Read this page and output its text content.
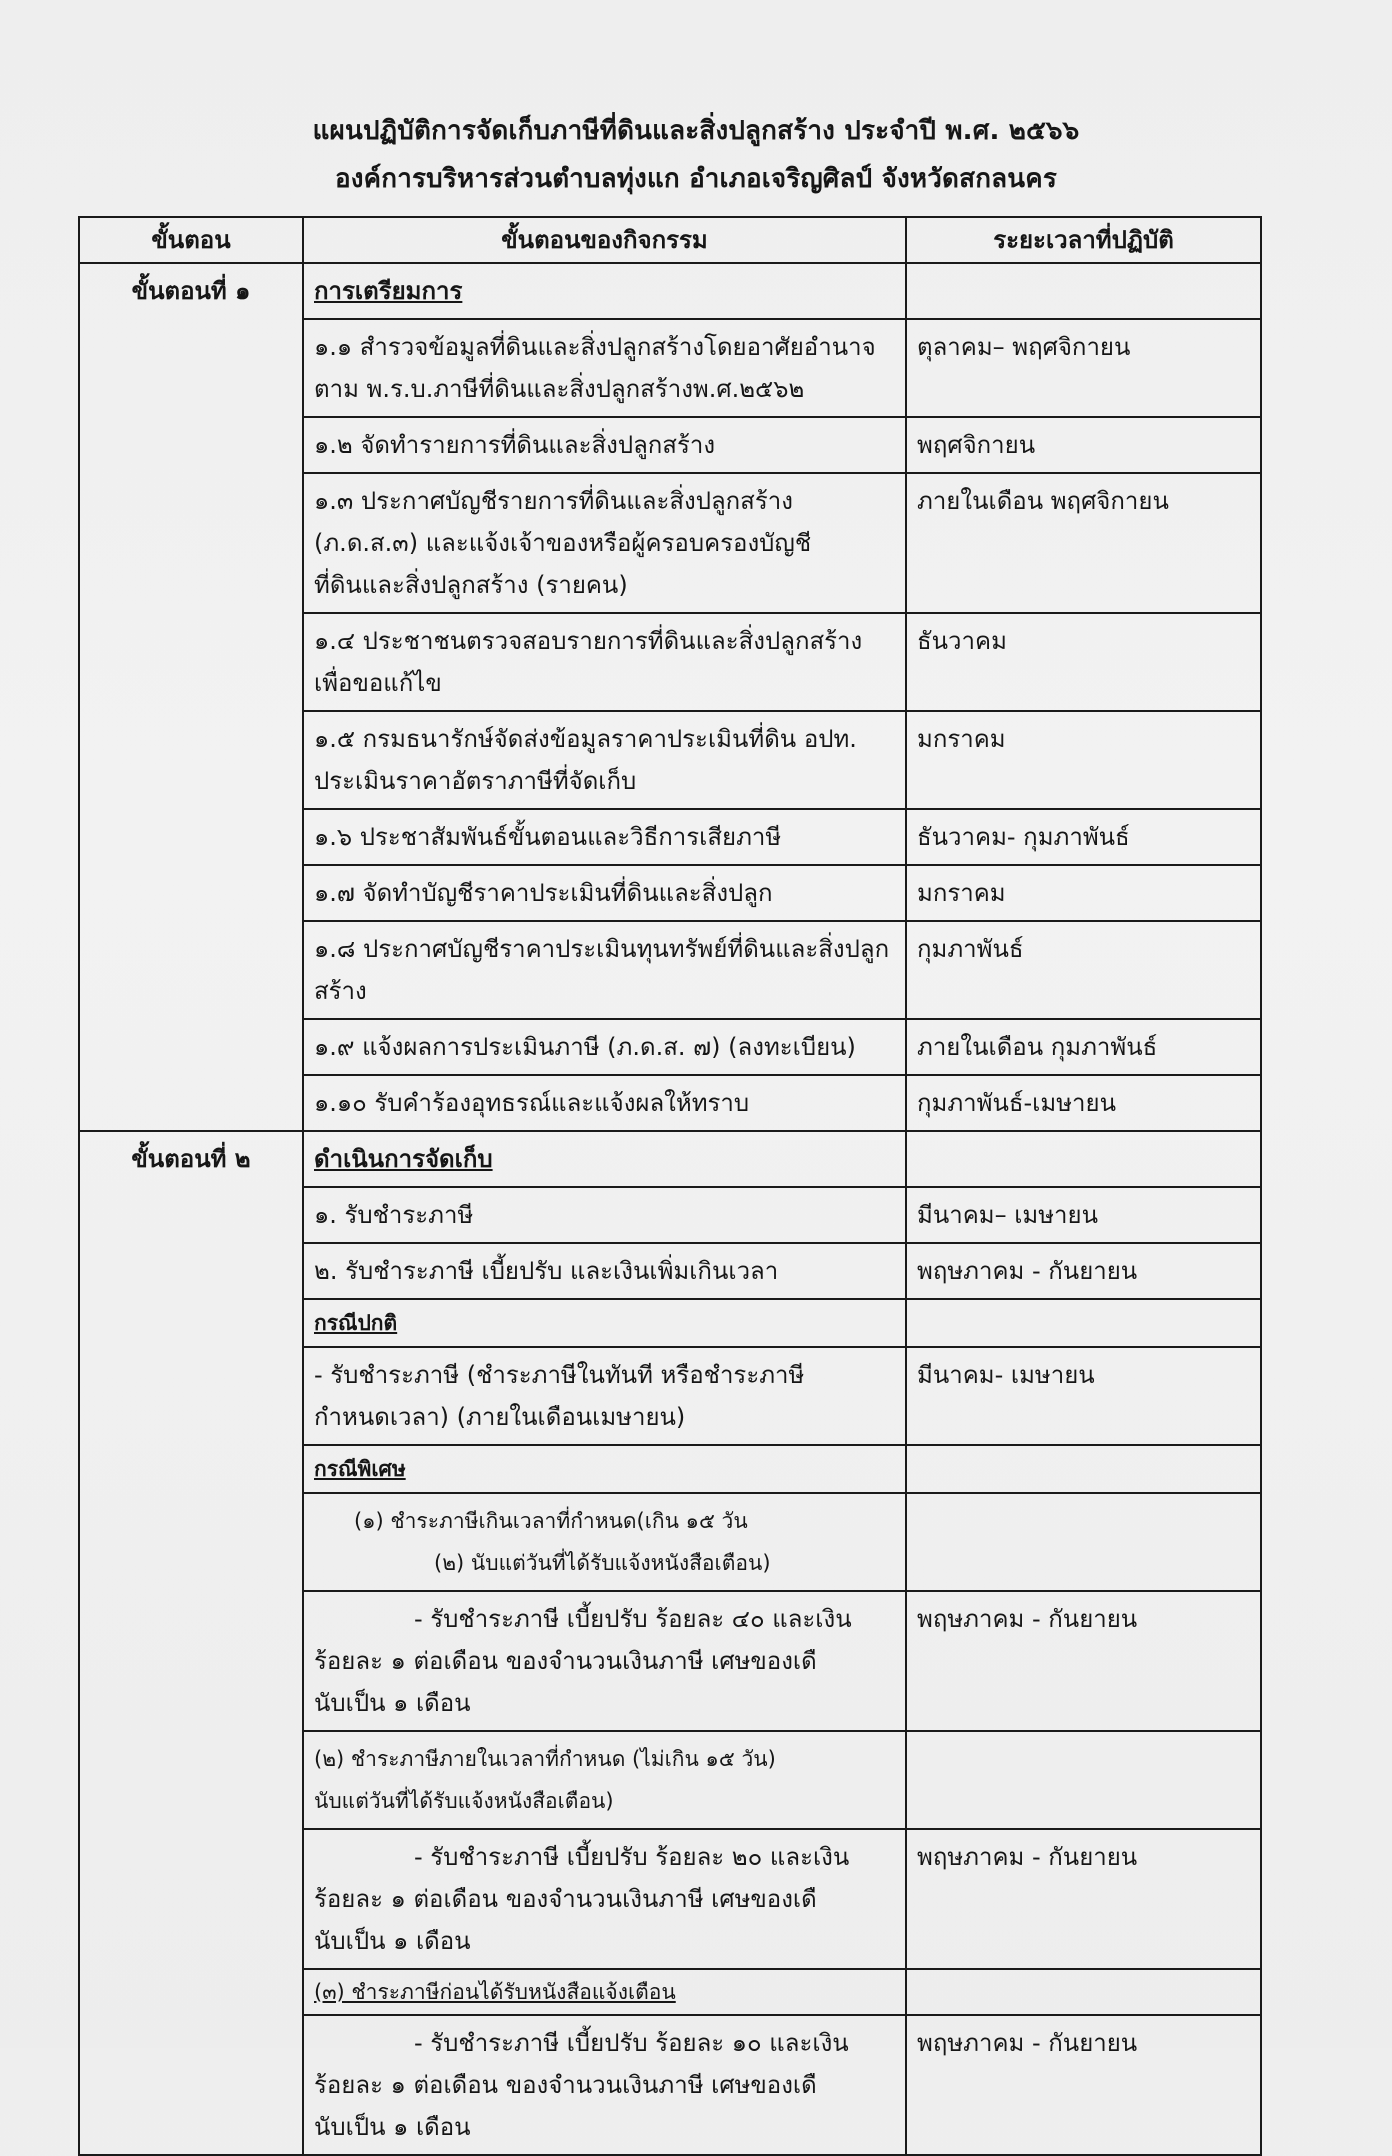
แผนปฏิบัติการจัดเก็บภาษีที่ดินและสิ่งปลูกสร้าง ประจำปี พ.ศ. ๒๕๖๖
องค์การบริหารส่วนตำบลทุ่งแก อำเภอเจริญศิลป์ จังหวัดสกลนคร
ขั้นตอน	ขั้นตอนของกิจกรรม	ระยะเวลาที่ปฏิบัติ
ขั้นตอนที่ ๑	การเตรียมการ	
	๑.๑ สำรวจข้อมูลที่ดินและสิ่งปลูกสร้างโดยอาศัยอำนาจ
ตาม พ.ร.บ.ภาษีที่ดินและสิ่งปลูกสร้างพ.ศ.๒๕๖๒	ตุลาคม– พฤศจิกายน
	๑.๒ จัดทำรายการที่ดินและสิ่งปลูกสร้าง	พฤศจิกายน
	๑.๓ ประกาศบัญชีรายการที่ดินและสิ่งปลูกสร้าง
(ภ.ด.ส.๓) และแจ้งเจ้าของหรือผู้ครอบครองบัญชี
ที่ดินและสิ่งปลูกสร้าง (รายคน)	ภายในเดือน พฤศจิกายน
	๑.๔ ประชาชนตรวจสอบรายการที่ดินและสิ่งปลูกสร้าง
เพื่อขอแก้ไข	ธันวาคม
	๑.๕ กรมธนารักษ์จัดส่งข้อมูลราคาประเมินที่ดิน อปท.
ประเมินราคาอัตราภาษีที่จัดเก็บ	มกราคม
	๑.๖ ประชาสัมพันธ์ขั้นตอนและวิธีการเสียภาษี	ธันวาคม- กุมภาพันธ์
	๑.๗ จัดทำบัญชีราคาประเมินที่ดินและสิ่งปลูก	มกราคม
	๑.๘ ประกาศบัญชีราคาประเมินทุนทรัพย์ที่ดินและสิ่งปลูก
สร้าง	กุมภาพันธ์
	๑.๙ แจ้งผลการประเมินภาษี (ภ.ด.ส. ๗) (ลงทะเบียน)	ภายในเดือน กุมภาพันธ์
	๑.๑๐ รับคำร้องอุทธรณ์และแจ้งผลให้ทราบ	กุมภาพันธ์-เมษายน
ขั้นตอนที่ ๒	ดำเนินการจัดเก็บ	
	๑. รับชำระภาษี	มีนาคม– เมษายน
	๒. รับชำระภาษี เบี้ยปรับ และเงินเพิ่มเกินเวลา	พฤษภาคม - กันยายน
	กรณีปกติ	
	- รับชำระภาษี (ชำระภาษีในทันที หรือชำระภาษี
กำหนดเวลา) (ภายในเดือนเมษายน)	มีนาคม- เมษายน
	กรณีพิเศษ	
	(๑) ชำระภาษีเกินเวลาที่กำหนด(เกิน ๑๕ วัน
(๒) นับแต่วันที่ได้รับแจ้งหนังสือเตือน)	
	- รับชำระภาษี เบี้ยปรับ ร้อยละ ๔๐ และเงิน
ร้อยละ ๑ ต่อเดือน ของจำนวนเงินภาษี เศษของเดื
นับเป็น ๑ เดือน	พฤษภาคม - กันยายน
	(๒) ชำระภาษีภายในเวลาที่กำหนด (ไม่เกิน ๑๕ วัน)
นับแต่วันที่ได้รับแจ้งหนังสือเตือน)	
	- รับชำระภาษี เบี้ยปรับ ร้อยละ ๒๐ และเงิน
ร้อยละ ๑ ต่อเดือน ของจำนวนเงินภาษี เศษของเดื
นับเป็น ๑ เดือน	พฤษภาคม - กันยายน
	(๓) ชำระภาษีก่อนได้รับหนังสือแจ้งเตือน	
	- รับชำระภาษี เบี้ยปรับ ร้อยละ ๑๐ และเงิน
ร้อยละ ๑ ต่อเดือน ของจำนวนเงินภาษี เศษของเดื
นับเป็น ๑ เดือน	พฤษภาคม - กันยายน
